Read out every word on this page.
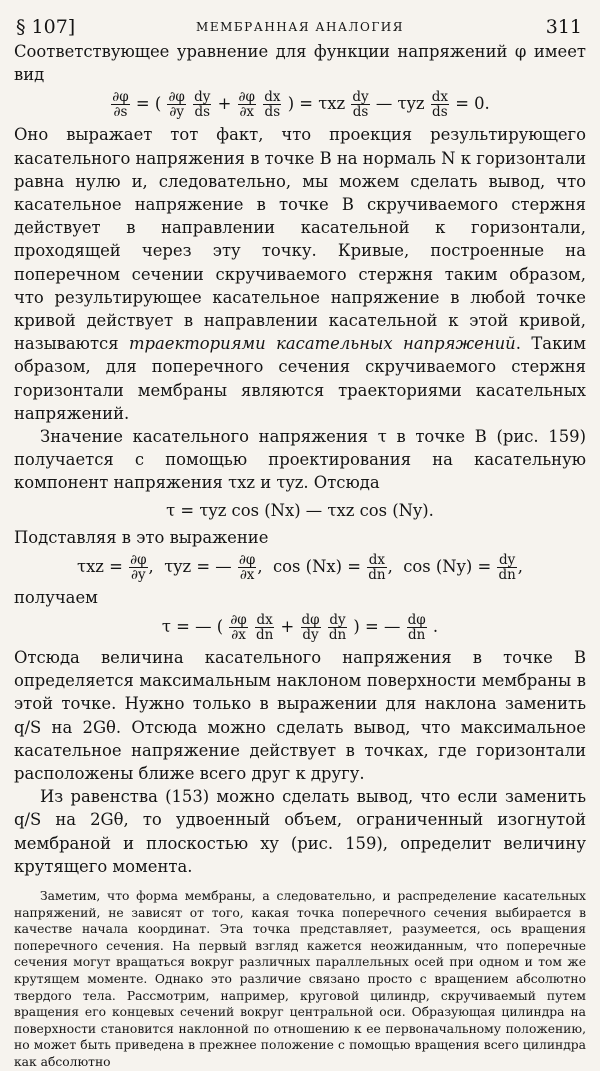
§ 107]	МЕМБРАННАЯ АНАЛОГИЯ	311

Соответствующее уравнение для функции напряжений φ имеет вид

$\frac{\partial\varphi}{\partial s}$ = ( $\frac{\partial\varphi}{\partial y}$
$\frac{dy}{ds} + \frac{\partial\varphi}{\partial x}$
$\frac{dx}{ds}$ ) = τxz $\frac{dy}{ds}$ — τyz $\frac{dx}{ds} = 0$.

Оно выражает тот факт, что проекция результирующего касательного напряжения в точке B на нормаль N к горизонтали равна нулю и, следовательно, мы можем сделать вывод, что касательное напряжение в точке B скручиваемого стержня действует в направлении касательной к горизонтали, проходящей через эту точку. Кривые, построенные на поперечном сечении скручиваемого стержня таким образом, что результирующее касательное напряжение в любой точке кривой действует в направлении касательной к этой кривой, называются траекториями касательных напряжений. Таким образом, для поперечного сечения скручиваемого стержня горизонтали мембраны являются траекториями касательных напряжений.

Значение касательного напряжения τ в точке B (рис. 159) получается с помощью проектирования на касательную компонент напряжения τxz и τyz. Отсюда

τ = τyz cos (Nx) — τxz cos (Ny).

Подставляя в это выражение

$\tau xz = \frac{\partial\varphi}{\partial y}$ , τyz = — $\frac{\partial\varphi}{\partial x}$ , $\cos (Nx) = \frac{dx}{dn}$ , $\cos (Ny) = \frac{dy}{dn}$ ,

получаем

τ = — ( $\frac{\partial\varphi}{\partial x}$
$\frac{dx}{dn} + \frac{d\varphi}{dy}$
$\frac{dy}{dn}$ ) = — $\frac{d\varphi}{dn}$ .

Отсюда величина касательного напряжения в точке B определяется максимальным наклоном поверхности мембраны в этой точке. Нужно только в выражении для наклона заменить q/S на 2Gθ. Отсюда можно сделать вывод, что максимальное касательное напряжение действует в точках, где горизонтали расположены ближе всего друг к другу.

Из равенства (153) можно сделать вывод, что если заменить q/S на 2Gθ, то удвоенный объем, ограниченный изогнутой мембраной и плоскостью xy (рис. 159), определит величину крутящего момента.

Заметим, что форма мембраны, а следовательно, и распределение касательных напряжений, не зависят от того, какая точка поперечного сечения выбирается в качестве начала координат. Эта точка представляет, разумеется, ось вращения поперечного сечения. На первый взгляд кажется неожиданным, что поперечные сечения могут вращаться вокруг различных параллельных осей при одном и том же крутящем моменте. Однако это различие связано просто с вращением абсолютно твердого тела. Рассмотрим, например, круговой цилиндр, скручиваемый путем вращения его концевых сечений вокруг центральной оси. Образующая цилиндра на поверхности становится наклонной по отношению к ее первоначальному положению, но может быть приведена в прежнее положение с помощью вращения всего цилиндра как абсолютно
